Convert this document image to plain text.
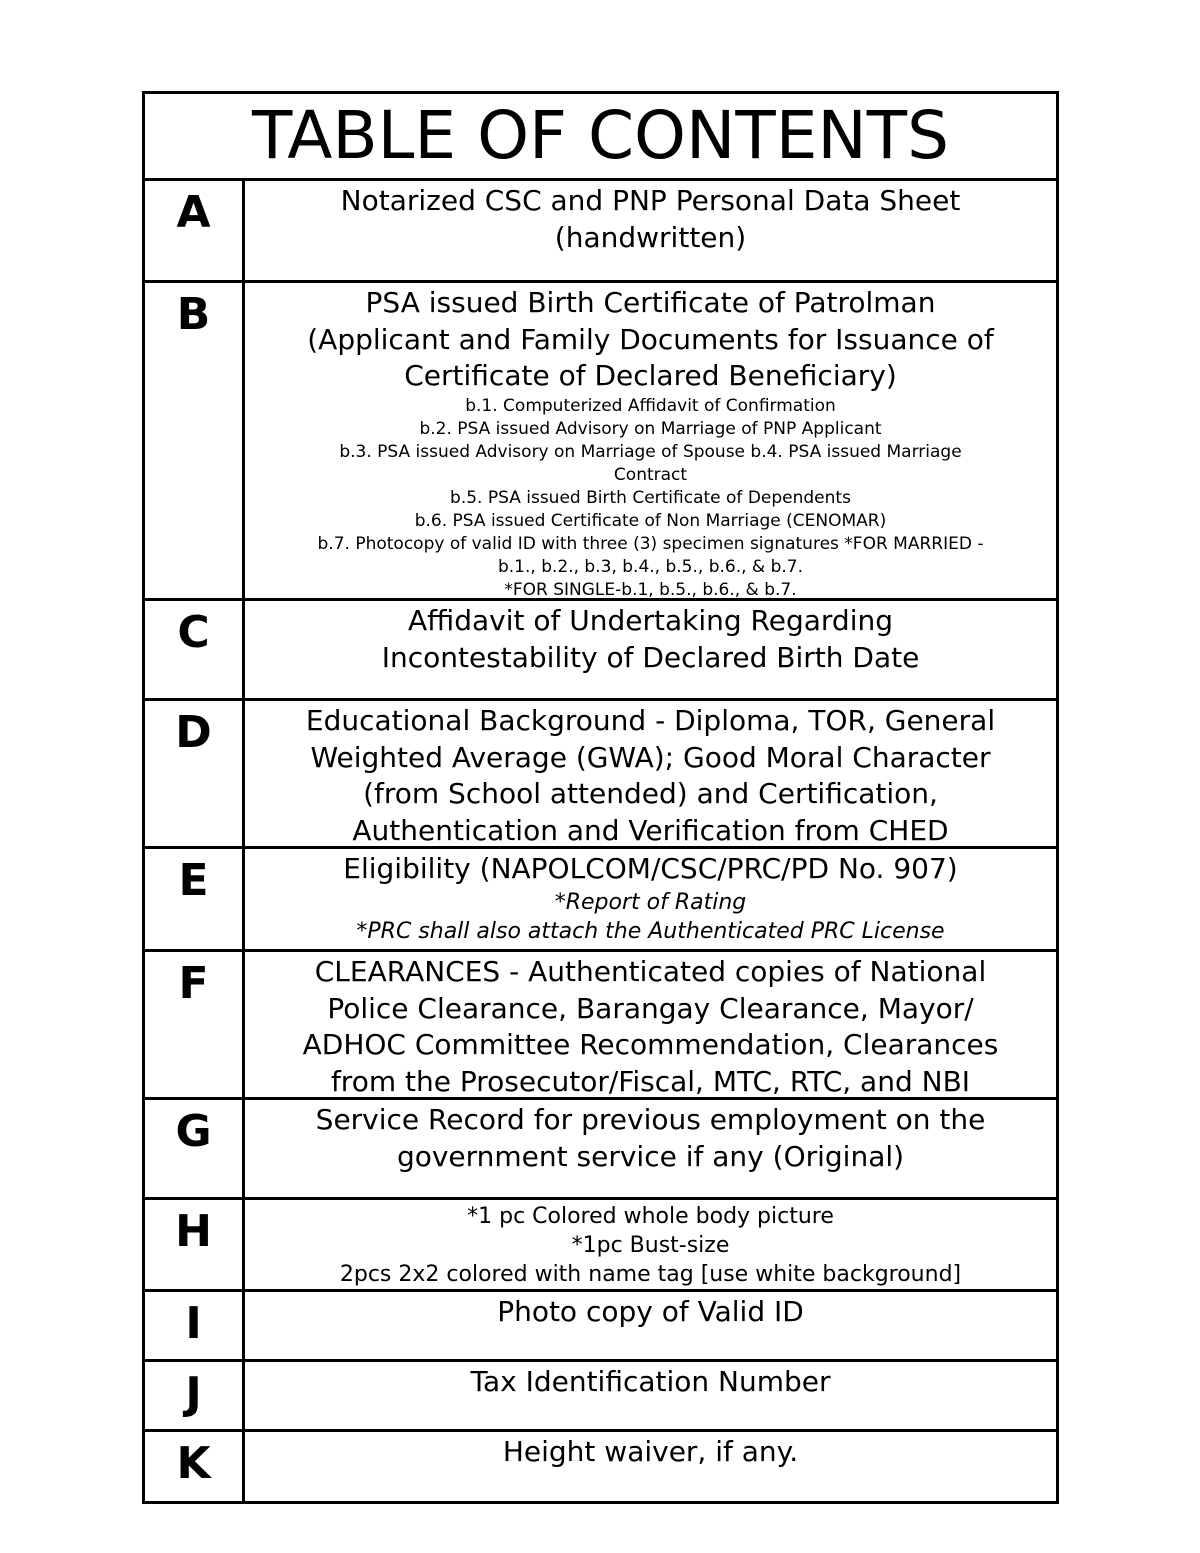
TABLE OF CONTENTS
A	Notarized CSC and PNP Personal Data Sheet
(handwritten)
B	PSA issued Birth Certificate of Patrolman
(Applicant and Family Documents for Issuance of
Certificate of Declared Beneficiary)
b.1. Computerized Affidavit of Confirmation
b.2. PSA issued Advisory on Marriage of PNP Applicant
b.3. PSA issued Advisory on Marriage of Spouse b.4. PSA issued Marriage
Contract
b.5. PSA issued Birth Certificate of Dependents
b.6. PSA issued Certificate of Non Marriage (CENOMAR)
b.7. Photocopy of valid ID with three (3) specimen signatures *FOR MARRIED -
b.1., b.2., b.3, b.4., b.5., b.6., & b.7.
*FOR SINGLE-b.1, b.5., b.6., & b.7.
C	Affidavit of Undertaking Regarding
Incontestability of Declared Birth Date
D	Educational Background - Diploma, TOR, General
Weighted Average (GWA); Good Moral Character
(from School attended) and Certification,
Authentication and Verification from CHED
E	Eligibility (NAPOLCOM/CSC/PRC/PD No. 907)
*Report of Rating
*PRC shall also attach the Authenticated PRC License
F	CLEARANCES - Authenticated copies of National
Police Clearance, Barangay Clearance, Mayor/
ADHOC Committee Recommendation, Clearances
from the Prosecutor/Fiscal, MTC, RTC, and NBI
G	Service Record for previous employment on the
government service if any (Original)
H	*1 pc Colored whole body picture
*1pc Bust-size
2pcs 2x2 colored with name tag [use white background]
I	Photo copy of Valid ID
J	Tax Identification Number
K	Height waiver, if any.
